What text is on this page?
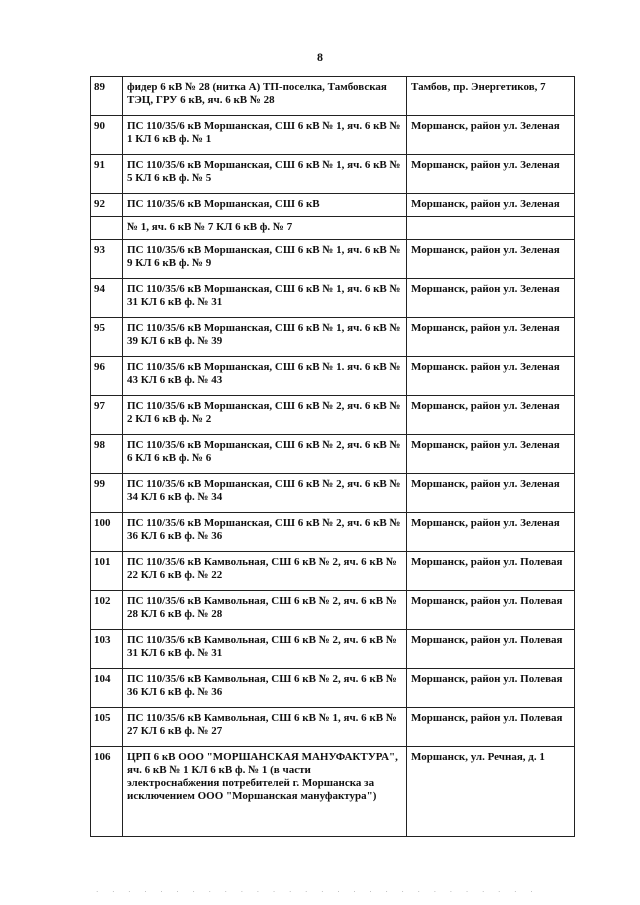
8
89	фидер 6 кВ № 28 (нитка А) ТП-поселка, Тамбовская ТЭЦ, ГРУ 6 кВ, яч. 6 кВ № 28	Тамбов, пр. Энергетиков, 7
90	ПС 110/35/6 кВ Моршанская, СШ 6 кВ № 1, яч. 6 кВ № 1 КЛ 6 кВ ф. № 1	Моршанск, район ул. Зеленая
91	ПС 110/35/6 кВ Моршанская, СШ 6 кВ № 1, яч. 6 кВ № 5 КЛ 6 кВ ф. № 5	Моршанск, район ул. Зеленая
92	ПС 110/35/6 кВ Моршанская, СШ 6 кВ	Моршанск, район ул. Зеленая
	№ 1, яч. 6 кВ № 7 КЛ 6 кВ ф. № 7	
93	ПС 110/35/6 кВ Моршанская, СШ 6 кВ № 1, яч. 6 кВ № 9 КЛ 6 кВ ф. № 9	Моршанск, район ул. Зеленая
94	ПС 110/35/6 кВ Моршанская, СШ 6 кВ № 1, яч. 6 кВ № 31 КЛ 6 кВ ф. № 31	Моршанск, район ул. Зеленая
95	ПС 110/35/6 кВ Моршанская, СШ 6 кВ № 1, яч. 6 кВ № 39 КЛ 6 кВ ф. № 39	Моршанск, район ул. Зеленая
96	ПС 110/35/6 кВ Моршанская, СШ 6 кВ № 1. яч. 6 кВ № 43 КЛ 6 кВ ф. № 43	Моршанск. район ул. Зеленая
97	ПС 110/35/6 кВ Моршанская, СШ 6 кВ № 2, яч. 6 кВ № 2 КЛ 6 кВ ф. № 2	Моршанск, район ул. Зеленая
98	ПС 110/35/6 кВ Моршанская, СШ 6 кВ № 2, яч. 6 кВ № 6 КЛ 6 кВ ф. № 6	Моршанск, район ул. Зеленая
99	ПС 110/35/6 кВ Моршанская, СШ 6 кВ № 2, яч. 6 кВ № 34 КЛ 6 кВ ф. № 34	Моршанск, район ул. Зеленая
100	ПС 110/35/6 кВ Моршанская, СШ 6 кВ № 2, яч. 6 кВ № 36 КЛ 6 кВ ф. № 36	Моршанск, район ул. Зеленая
101	ПС 110/35/6 кВ Камвольная, СШ 6 кВ № 2, яч. 6 кВ № 22 КЛ 6 кВ ф. № 22	Моршанск, район ул. Полевая
102	ПС 110/35/6 кВ Камвольная, СШ 6 кВ № 2, яч. 6 кВ № 28 КЛ 6 кВ ф. № 28	Моршанск, район ул. Полевая
103	ПС 110/35/6 кВ Камвольная, СШ 6 кВ № 2, яч. 6 кВ № 31 КЛ 6 кВ ф. № 31	Моршанск, район ул. Полевая
104	ПС 110/35/6 кВ Камвольная, СШ 6 кВ № 2, яч. 6 кВ № 36 КЛ 6 кВ ф. № 36	Моршанск, район ул. Полевая
105	ПС 110/35/6 кВ Камвольная, СШ 6 кВ № 1, яч. 6 кВ № 27 КЛ 6 кВ ф. № 27	Моршанск, район ул. Полевая
106	ЦРП 6 кВ ООО "МОРШАНСКАЯ МАНУФАКТУРА", яч. 6 кВ № 1 КЛ 6 кВ ф. № 1 (в части электроснабжения потребителей г. Моршанска за исключением ООО "Моршанская мануфактура")	Моршанск, ул. Речная, д. 1
· · · · · · · · · · · · · · · · · · · · · · · · · · · ·
